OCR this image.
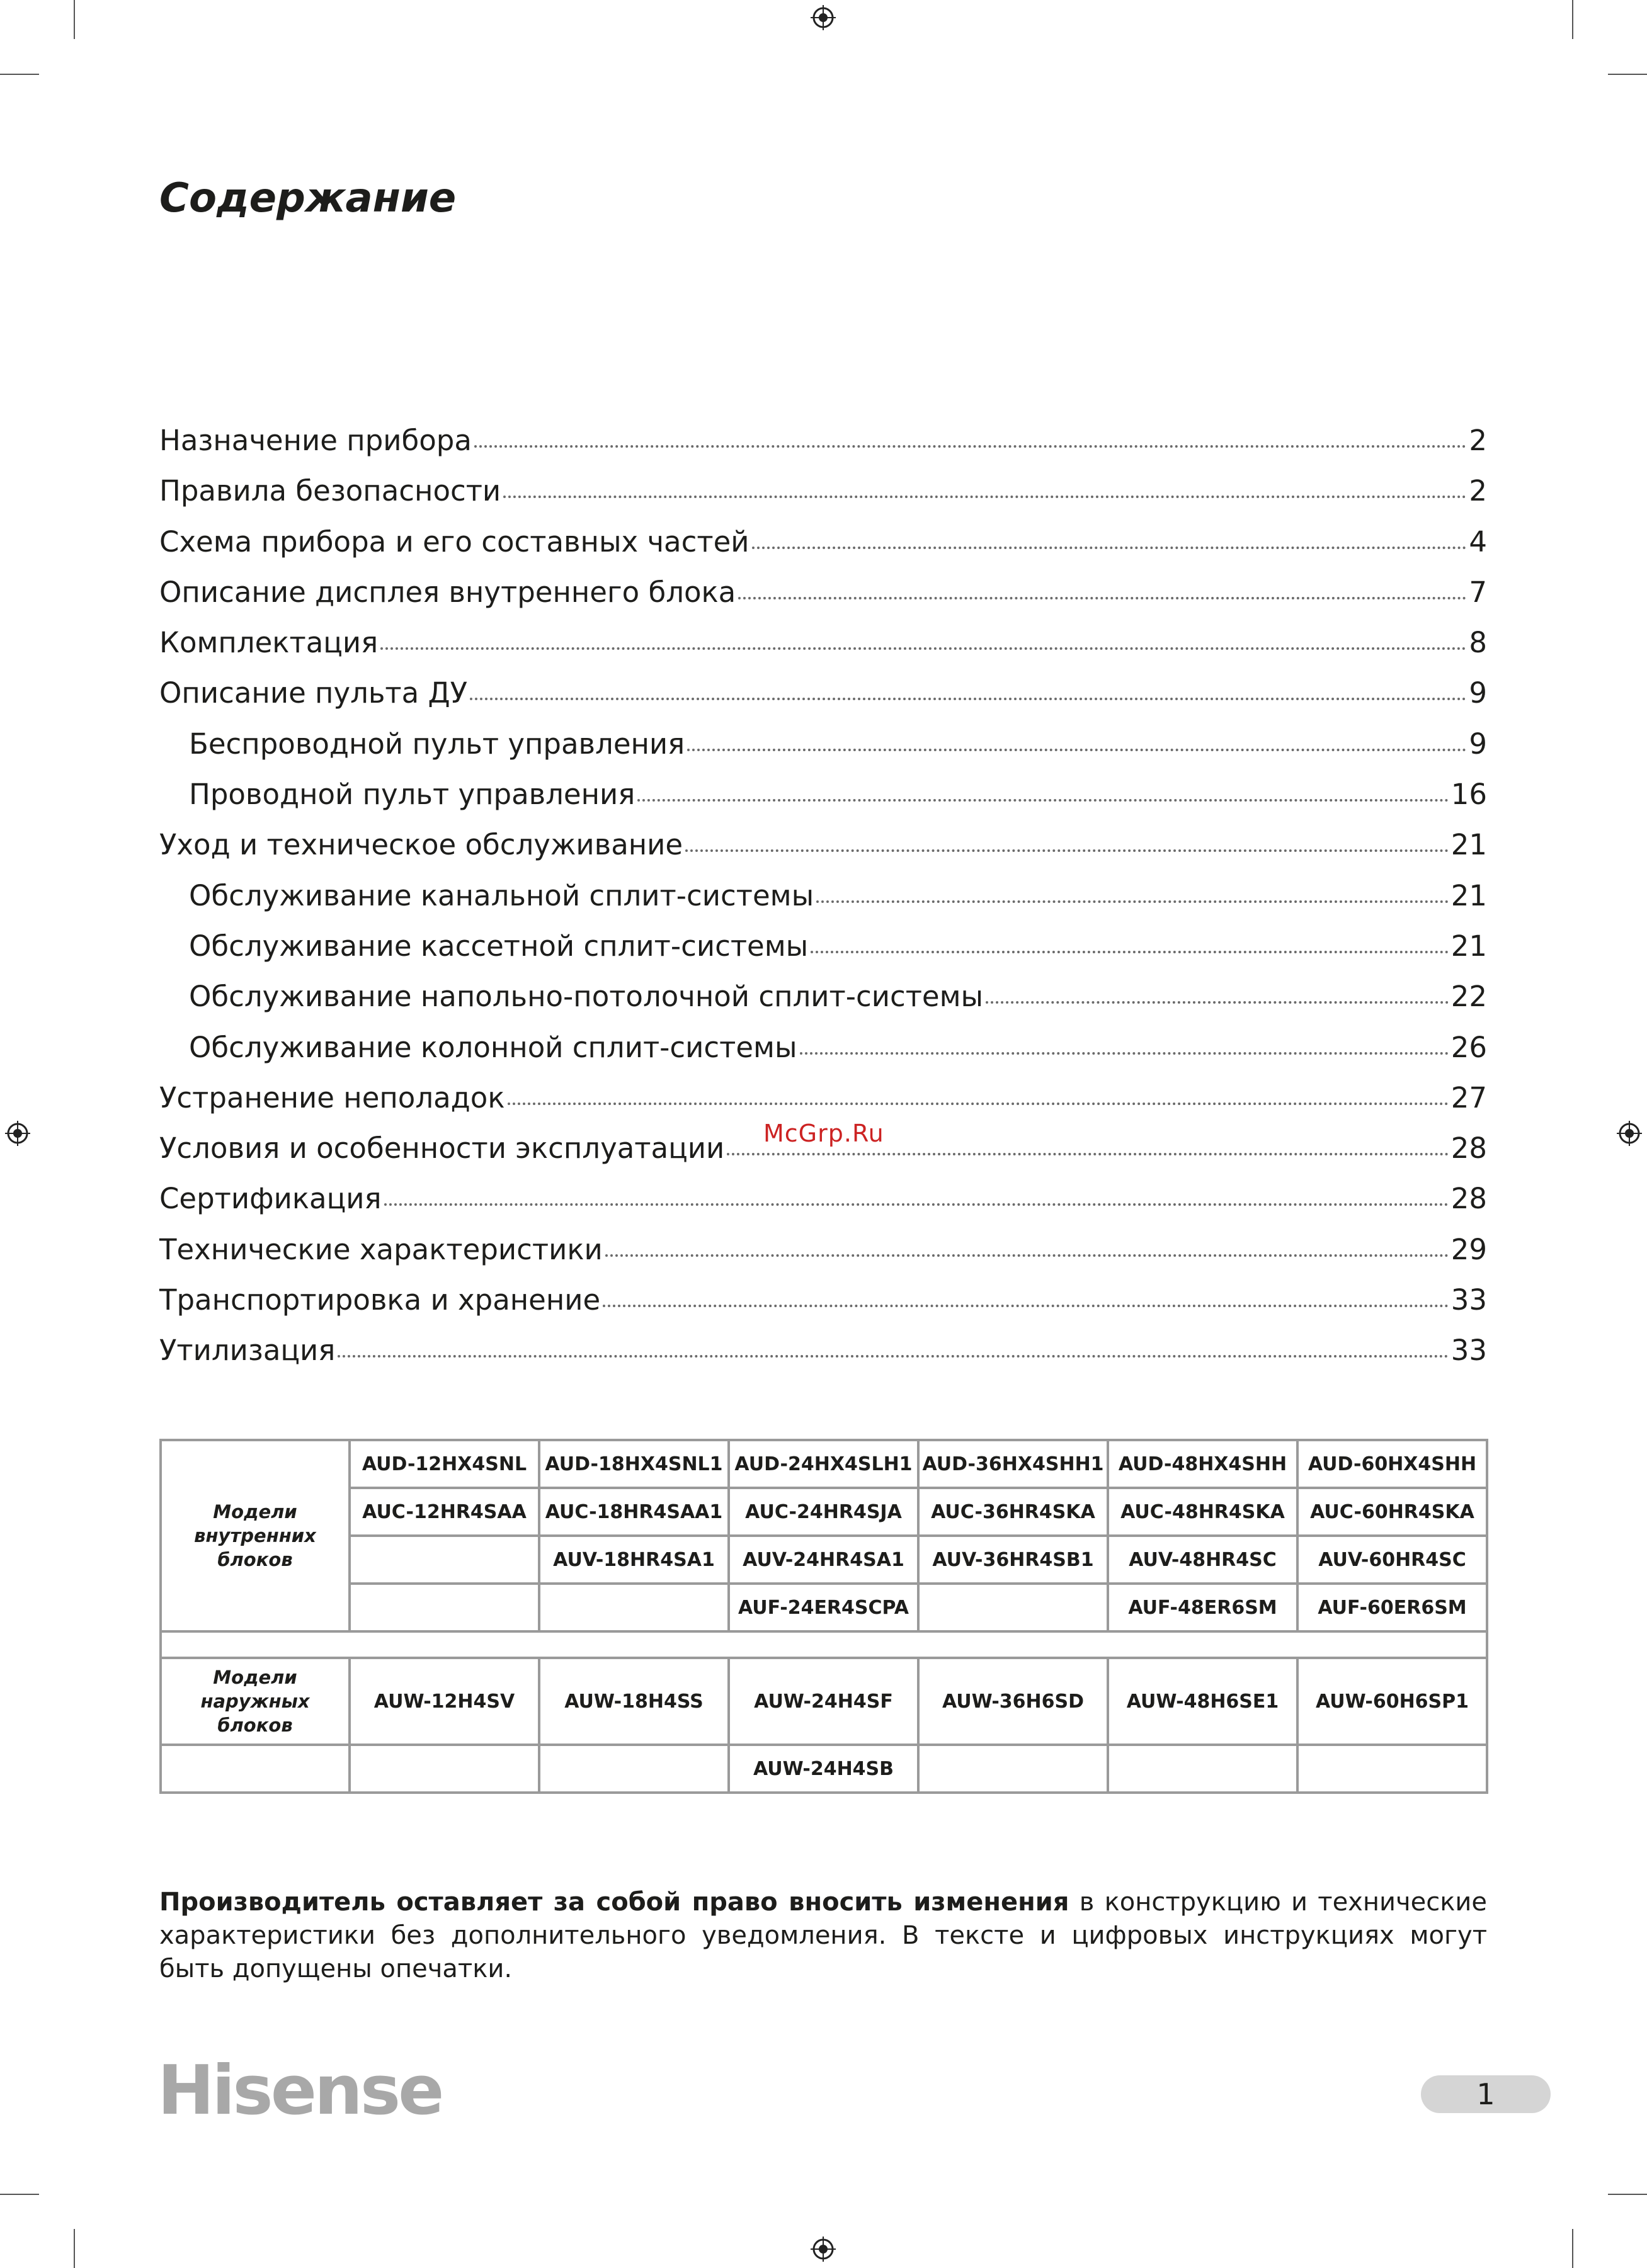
Содержание
Назначение прибора	2
Правила безопасности	2
Схема прибора и его составных частей	4
Описание дисплея внутреннего блока	7
Комплектация	8
Описание пульта ДУ	9
Беспроводной пульт управления	9
Проводной пульт управления	16
Уход и техническое обслуживание	21
Обслуживание канальной сплит-системы	21
Обслуживание кассетной сплит-системы	21
Обслуживание напольно-потолочной сплит-системы	22
Обслуживание колонной сплит-системы	26
Устранение неполадок	27
Условия и особенности эксплуатации	28
Сертификация	28
Технические характеристики	29
Транспортировка и хранение	33
Утилизация	33
McGrp.Ru
Модели внутренних блоков	AUD-12HX4SNL	AUD-18HX4SNL1	AUD-24HX4SLH1	AUD-36HX4SHH1	AUD-48HX4SHH	AUD-60HX4SHH
	AUC-12HR4SAA	AUC-18HR4SAA1	AUC-24HR4SJA	AUC-36HR4SKA	AUC-48HR4SKA	AUC-60HR4SKA
		AUV-18HR4SA1	AUV-24HR4SA1	AUV-36HR4SB1	AUV-48HR4SC	AUV-60HR4SC
			AUF-24ER4SCPA		AUF-48ER6SM	AUF-60ER6SM

Модели наружных блоков	AUW-12H4SV	AUW-18H4SS	AUW-24H4SF	AUW-36H6SD	AUW-48H6SE1	AUW-60H6SP1
			AUW-24H4SB			

Производитель оставляет за собой право вносить изменения в конструкцию и технические характеристики без дополнительного уведомления. В тексте и цифровых инструкциях могут быть допущены опечатки.

Hisense	1
